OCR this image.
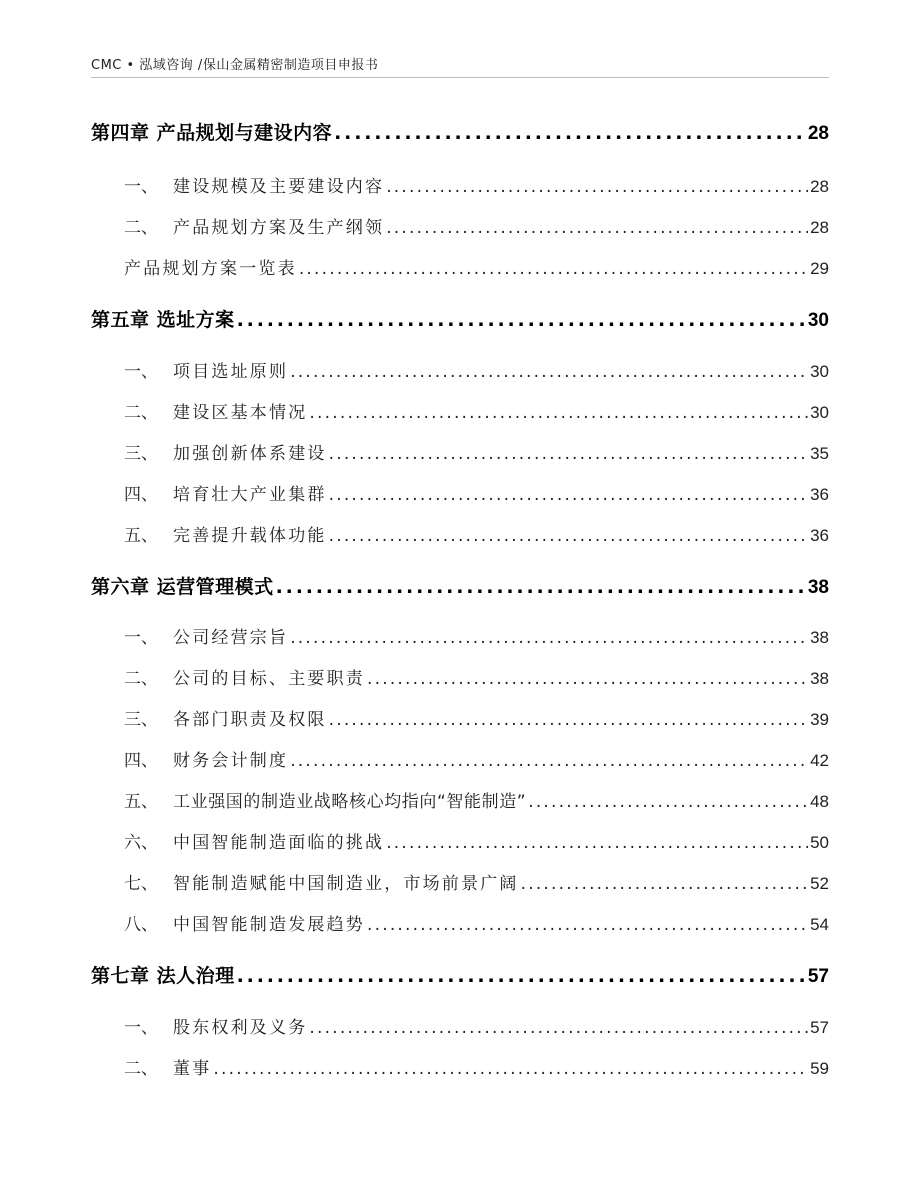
CMC • 泓域咨询 /保山金属精密制造项目申报书
第四章 产品规划与建设内容 . . .	28
一、 建设规模及主要建设内容 . . .	28
二、 产品规划方案及生产纲领 . . .	28
产品规划方案一览表 . . .	29
第五章 选址方案 . . .	30
一、 项目选址原则 . . .	30
二、 建设区基本情况 . . .	30
三、 加强创新体系建设 . . .	35
四、 培育壮大产业集群 . . .	36
五、 完善提升载体功能 . . .	36
第六章 运营管理模式 . . .	38
一、 公司经营宗旨 . . .	38
二、 公司的目标、主要职责 . . .	38
三、 各部门职责及权限 . . .	39
四、 财务会计制度 . . .	42
五、 工业强国的制造业战略核心均指向“智能制造” . . .	48
六、 中国智能制造面临的挑战 . . .	50
七、 智能制造赋能中国制造业，市场前景广阔 . . .	52
八、 中国智能制造发展趋势 . . .	54
第七章 法人治理 . . .	57
一、 股东权利及义务 . . .	57
二、 董事 . . .	59
